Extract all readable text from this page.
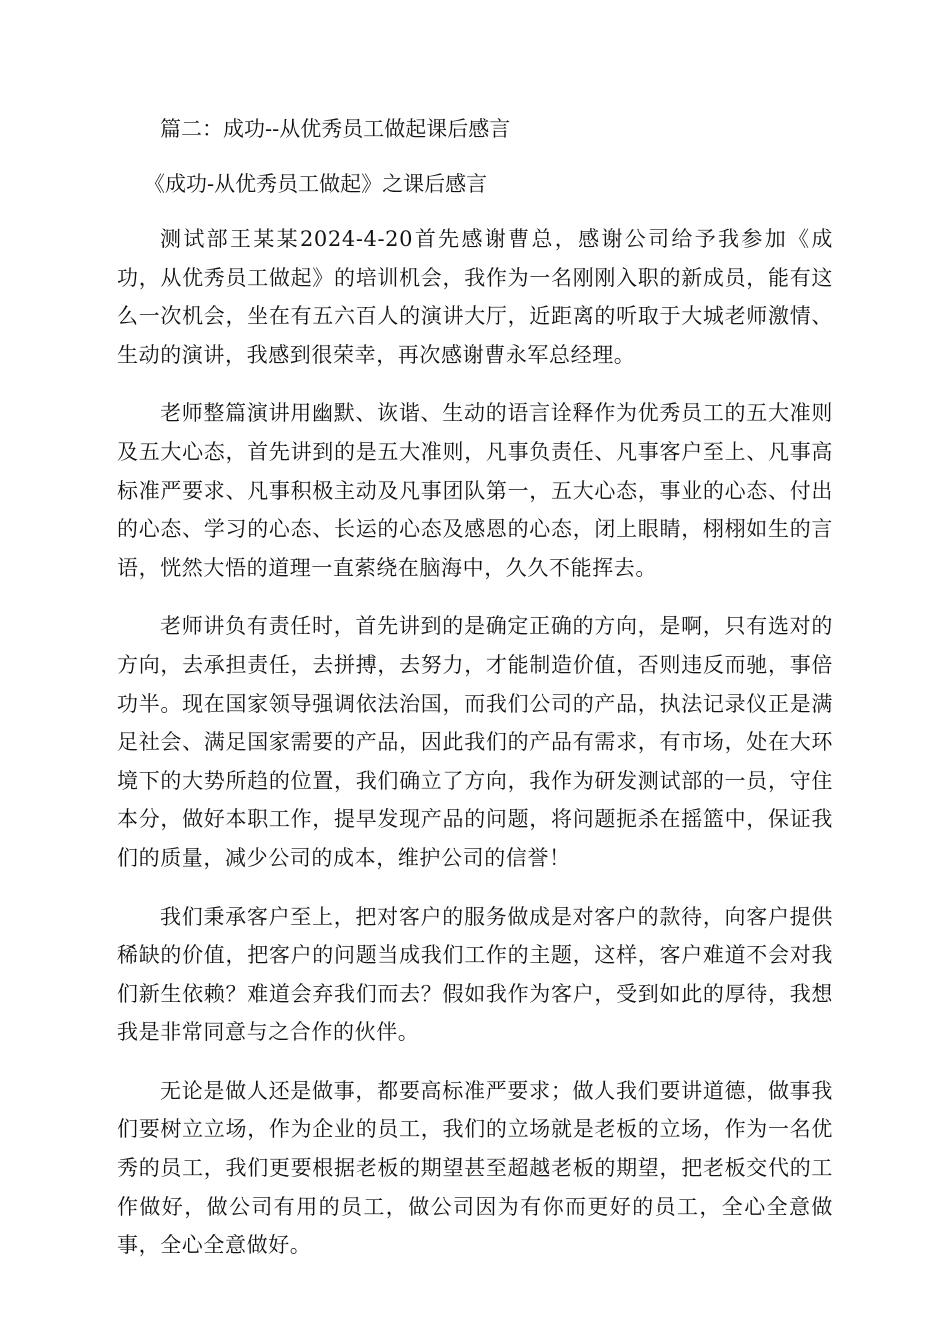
篇二：成功--从优秀员工做起课后感言

《成功-从优秀员工做起》之课后感言

测试部王某某2024-4-20首先感谢曹总，感谢公司给予我参加《成功，从优秀员工做起》的培训机会，我作为一名刚刚入职的新成员，能有这么一次机会，坐在有五六百人的演讲大厅，近距离的听取于大城老师激情、生动的演讲，我感到很荣幸，再次感谢曹永军总经理。

老师整篇演讲用幽默、诙谐、生动的语言诠释作为优秀员工的五大准则及五大心态，首先讲到的是五大准则，凡事负责任、凡事客户至上、凡事高标准严要求、凡事积极主动及凡事团队第一，五大心态，事业的心态、付出的心态、学习的心态、长运的心态及感恩的心态，闭上眼睛，栩栩如生的言语，恍然大悟的道理一直萦绕在脑海中，久久不能挥去。

老师讲负有责任时，首先讲到的是确定正确的方向，是啊，只有选对的方向，去承担责任，去拼搏，去努力，才能制造价值，否则违反而驰，事倍功半。现在国家领导强调依法治国，而我们公司的产品，执法记录仪正是满足社会、满足国家需要的产品，因此我们的产品有需求，有市场，处在大环境下的大势所趋的位置，我们确立了方向，我作为研发测试部的一员，守住本分，做好本职工作，提早发现产品的问题，将问题扼杀在摇篮中，保证我们的质量，减少公司的成本，维护公司的信誉！

我们秉承客户至上，把对客户的服务做成是对客户的款待，向客户提供稀缺的价值，把客户的问题当成我们工作的主题，这样，客户难道不会对我们新生依赖？难道会弃我们而去？假如我作为客户，受到如此的厚待，我想我是非常同意与之合作的伙伴。

无论是做人还是做事，都要高标准严要求；做人我们要讲道德，做事我们要树立立场，作为企业的员工，我们的立场就是老板的立场，作为一名优秀的员工，我们更要根据老板的期望甚至超越老板的期望，把老板交代的工作做好，做公司有用的员工，做公司因为有你而更好的员工，全心全意做事，全心全意做好。
